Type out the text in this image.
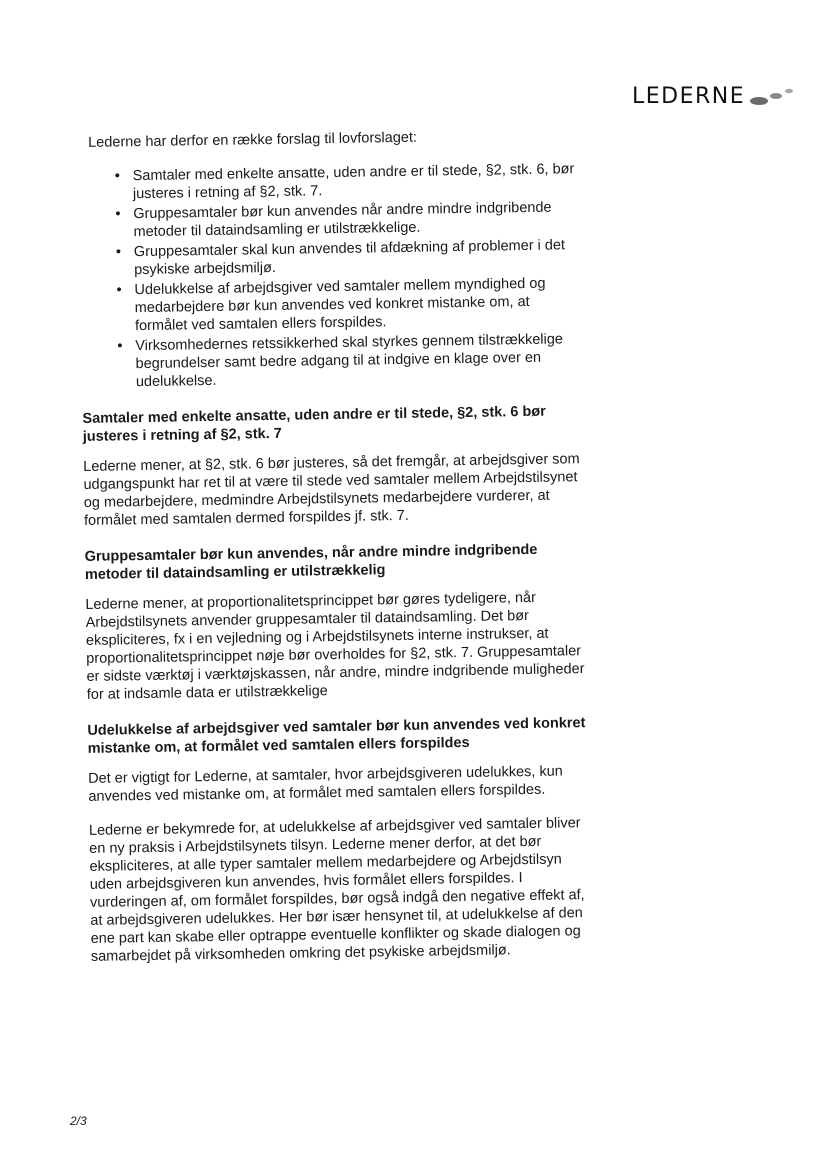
LEDERNE

Lederne har derfor en række forslag til lovforslaget:

• Samtaler med enkelte ansatte, uden andre er til stede, §2, stk. 6, bør justeres i retning af §2, stk. 7.
• Gruppesamtaler bør kun anvendes når andre mindre indgribende metoder til dataindsamling er utilstrækkelige.
• Gruppesamtaler skal kun anvendes til afdækning af problemer i det psykiske arbejdsmiljø.
• Udelukkelse af arbejdsgiver ved samtaler mellem myndighed og medarbejdere bør kun anvendes ved konkret mistanke om, at formålet ved samtalen ellers forspildes.
• Virksomhedernes retssikkerhed skal styrkes gennem tilstrækkelige begrundelser samt bedre adgang til at indgive en klage over en udelukkelse.
Samtaler med enkelte ansatte, uden andre er til stede, §2, stk. 6 bør justeres i retning af §2, stk. 7

Lederne mener, at §2, stk. 6 bør justeres, så det fremgår, at arbejdsgiver som udgangspunkt har ret til at være til stede ved samtaler mellem Arbejdstilsynet og medarbejdere, medmindre Arbejdstilsynets medarbejdere vurderer, at formålet med samtalen dermed forspildes jf. stk. 7.

Gruppesamtaler bør kun anvendes, når andre mindre indgribende metoder til dataindsamling er utilstrækkelig

Lederne mener, at proportionalitetsprincippet bør gøres tydeligere, når Arbejdstilsynets anvender gruppesamtaler til dataindsamling. Det bør ekspliciteres, fx i en vejledning og i Arbejdstilsynets interne instrukser, at proportionalitetsprincippet nøje bør overholdes for §2, stk. 7. Gruppesamtaler er sidste værktøj i værktøjskassen, når andre, mindre indgribende muligheder for at indsamle data er utilstrækkelige

Udelukkelse af arbejdsgiver ved samtaler bør kun anvendes ved konkret mistanke om, at formålet ved samtalen ellers forspildes

Det er vigtigt for Lederne, at samtaler, hvor arbejdsgiveren udelukkes, kun anvendes ved mistanke om, at formålet med samtalen ellers forspildes.

Lederne er bekymrede for, at udelukkelse af arbejdsgiver ved samtaler bliver en ny praksis i Arbejdstilsynets tilsyn. Lederne mener derfor, at det bør ekspliciteres, at alle typer samtaler mellem medarbejdere og Arbejdstilsyn uden arbejdsgiveren kun anvendes, hvis formålet ellers forspildes. I vurderingen af, om formålet forspildes, bør også indgå den negative effekt af, at arbejdsgiveren udelukkes. Her bør især hensynet til, at udelukkelse af den ene part kan skabe eller optrappe eventuelle konflikter og skade dialogen og samarbejdet på virksomheden omkring det psykiske arbejdsmiljø.

2/3
